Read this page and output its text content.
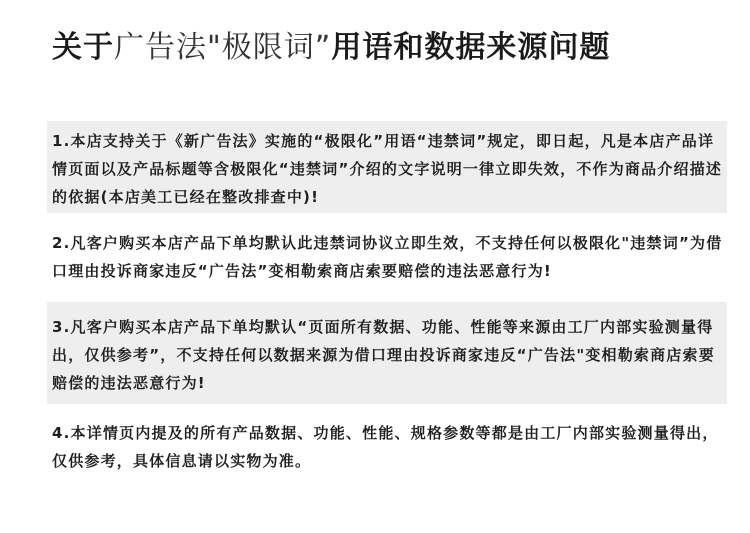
关于广告法"极限词”用语和数据来源问题

1.本店支持关于《新广告法》实施的“极限化”用语“违禁词”规定，即日起，凡是本店产品详情页面以及产品标题等含极限化“违禁词”介绍的文字说明一律立即失效，不作为商品介绍描述的依据(本店美工已经在整改排查中)!

2.凡客户购买本店产品下单均默认此违禁词协议立即生效，不支持任何以极限化"违禁词”为借口理由投诉商家违反“广告法”变相勒索商店索要赔偿的违法恶意行为!

3.凡客户购买本店产品下单均默认“页面所有数据、功能、性能等来源由工厂内部实验测量得出，仅供参考”，不支持任何以数据来源为借口理由投诉商家违反“广告法"变相勒索商店索要赔偿的违法恶意行为!

4.本详情页内提及的所有产品数据、功能、性能、规格参数等都是由工厂内部实验测量得出，仅供参考，具体信息请以实物为准。
